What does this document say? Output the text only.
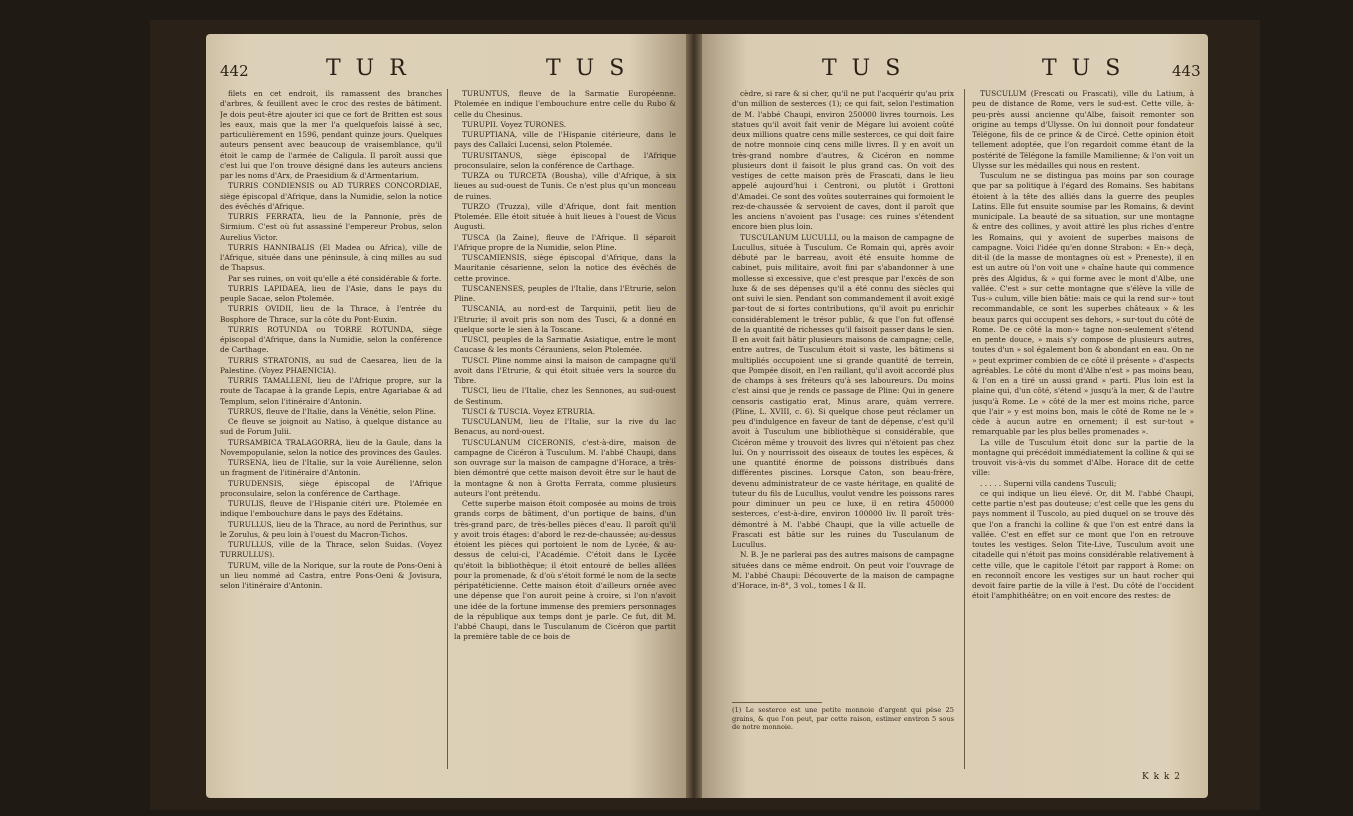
442	T U R	T U S

filets en cet endroit, ils ramassent des branches d'arbres, & feuillent avec le croc des restes de bâtiment. Je dois peut-être ajouter ici que ce fort de Britten est sous les eaux, mais que la mer l'a quelquefois laissé à sec, particulièrement en 1596, pendant quinze jours. Quelques auteurs pensent avec beaucoup de vraisemblance, qu'il étoit le camp de l'armée de Caligula. Il paroît aussi que c'est lui que l'on trouve désigné dans les auteurs anciens par les noms d'Arx, de Praesidium & d'Armentarium.

TURRIS CONDIENSIS ou AD TURRES CONCORDIAE, siège épiscopal d'Afrique, dans la Numidie, selon la notice des évêchés d'Afrique.

TURRIS FERRATA, lieu de la Pannonie, près de Sirmium. C'est où fut assassiné l'empereur Probus, selon Aurelius Victor.

TURRIS HANNIBALIS (El Madea ou Africa), ville de l'Afrique, située dans une péninsule, à cinq milles au sud de Thapsus.

Par ses ruines, on voit qu'elle a été considérable & forte.

TURRIS LAPIDAEA, lieu de l'Asie, dans le pays du peuple Sacae, selon Ptolemée.

TURRIS OVIDII, lieu de la Thrace, à l'entrée du Bosphore de Thrace, sur la côte du Pont-Euxin.

TURRIS ROTUNDA ou TORRE ROTUNDA, siège épiscopal d'Afrique, dans la Numidie, selon la conférence de Carthage.

TURRIS STRATONIS, au sud de Caesarea, lieu de la Palestine. (Voyez PHAENICIA).

TURRIS TAMALLENI, lieu de l'Afrique propre, sur la route de Tacapae à la grande Lepis, entre Agariabae & ad Templum, selon l'itinéraire d'Antonin.

TURRUS, fleuve de l'Italie, dans la Vénétie, selon Pline.

Ce fleuve se joignoit au Natiso, à quelque distance au sud de Forum Julii.

TURSAMBICA TRALAGORRA, lieu de la Gaule, dans la Novempopulanie, selon la notice des provinces des Gaules.

TURSENA, lieu de l'Italie, sur la voie Aurélienne, selon un fragment de l'itinéraire d'Antonin.

TURUDENSIS, siège épiscopal de l'Afrique proconsulaire, selon la conférence de Carthage.

TURULIS, fleuve de l'Hispanie citéri ure. Ptolemée en indique l'embouchure dans le pays des Edétains.

TURULLUS, lieu de la Thrace, au nord de Perinthus, sur le Zorulus, & peu loin à l'ouest du Macron-Tichos.

TURULLUS, ville de la Thrace, selon Suidas. (Voyez TURRULLUS).

TURUM, ville de la Norique, sur la route de Pons-Oeni à un lieu nommé ad Castra, entre Pons-Oeni & Jovisura, selon l'itinéraire d'Antonin.

TURUNTUS, fleuve de la Sarmatie Européenne. Ptolemée en indique l'embouchure entre celle du Rubo & celle du Chesinus.

TURUPII. Voyez TURONES.

TURUPTIANA, ville de l'Hispanie citérieure, dans le pays des Callaïci Lucensi, selon Ptolemée.

TURUSITANUS, siège épiscopal de l'Afrique proconsulaire, selon la conférence de Carthage.

TURZA ou TURCETA (Bousha), ville d'Afrique, à six lieues au sud-ouest de Tunis. Ce n'est plus qu'un monceau de ruines.

TURZO (Truzza), ville d'Afrique, dont fait mention Ptolemée. Elle étoit située à huit lieues à l'ouest de Vicus Augusti.

TUSCA (la Zaine), fleuve de l'Afrique. Il séparoit l'Afrique propre de la Numidie, selon Pline.

TUSCAMIENSIS, siège épiscopal d'Afrique, dans la Mauritanie césarienne, selon la notice des évêchés de cette province.

TUSCANENSES, peuples de l'Italie, dans l'Etrurie, selon Pline.

TUSCANIA, au nord-est de Tarquinii, petit lieu de l'Etrurie; il avoit pris son nom des Tusci, & a donné en quelque sorte le sien à la Toscane.

TUSCI, peuples de la Sarmatie Asiatique, entre le mont Caucase & les monts Cérauniens, selon Ptolemée.

TUSCI. Pline nomme ainsi la maison de campagne qu'il avoit dans l'Etrurie, & qui étoit située vers la source du Tibre.

TUSCI, lieu de l'Italie, chez les Sennones, au sud-ouest de Sestinum.

TUSCI & TUSCIA. Voyez ETRURIA.

TUSCULANUM, lieu de l'Italie, sur la rive du lac Benacus, au nord-ouest.

TUSCULANUM CICERONIS, c'est-à-dire, maison de campagne de Cicéron à Tusculum. M. l'abbé Chaupi, dans son ouvrage sur la maison de campagne d'Horace, a très-bien démontré que cette maison devoit être sur le haut de la montagne & non à Grotta Ferrata, comme plusieurs auteurs l'ont prétendu.

Cette superbe maison étoit composée au moins de trois grands corps de bâtiment, d'un portique de bains, d'un très-grand parc, de très-belles pièces d'eau. Il paroît qu'il y avoit trois étages: d'abord le rez-de-chaussée; au-dessus étoient les pièces qui portoient le nom de Lycée, & au-dessus de celui-ci, l'Académie. C'étoit dans le Lycée qu'étoit la bibliothèque; il étoit entouré de belles allées pour la promenade, & d'où s'étoit formé le nom de la secte péripatéticienne. Cette maison étoit d'ailleurs ornée avec une dépense que l'on auroit peine à croire, si l'on n'avoit une idée de la fortune immense des premiers personnages de la république aux temps dont je parle. Ce fut, dit M. l'abbé Chaupi, dans le Tusculanum de Cicéron que partit la première table de ce bois de

T U S	T U S	443

cèdre, si rare & si cher, qu'il ne put l'acquérir qu'au prix d'un million de sesterces (1); ce qui fait, selon l'estimation de M. l'abbé Chaupi, environ 250000 livres tournois. Les statues qu'il avoit fait venir de Mégare lui avoient coûté deux millions quatre cens mille sesterces, ce qui doit faire de notre monnoie cinq cens mille livres. Il y en avoit un très-grand nombre d'autres, & Cicéron en nomme plusieurs dont il faisoit le plus grand cas. On voit des vestiges de cette maison près de Frascati, dans le lieu appelé aujourd'hui i Centroni, ou plutôt i Grottoni d'Amadei. Ce sont des voûtes souterraines qui formoient le rez-de-chaussée & servoient de caves, dont il paroît que les anciens n'avoient pas l'usage: ces ruines s'étendent encore bien plus loin.

TUSCULANUM LUCULLI, ou la maison de campagne de Lucullus, située à Tusculum. Ce Romain qui, après avoir débuté par le barreau, avoit été ensuite homme de cabinet, puis militaire, avoit fini par s'abandonner à une mollesse si excessive, que c'est presque par l'excès de son luxe & de ses dépenses qu'il a été connu des siècles qui ont suivi le sien. Pendant son commandement il avoit exigé par-tout de si fortes contributions, qu'il avoit pu enrichir considérablement le trésor public, & que l'on fut offensé de la quantité de richesses qu'il faisoit passer dans le sien. Il en avoit fait bâtir plusieurs maisons de campagne; celle, entre autres, de Tusculum étoit si vaste, les bâtimens si multipliés occupoient une si grande quantité de terrein, que Pompée disoit, en l'en raillant, qu'il avoit accordé plus de champs à ses fréteurs qu'à ses laboureurs. Du moins c'est ainsi que je rends ce passage de Pline: Qui in genere censoris castigatio erat, Minus arare, quàm verrere. (Pline, L. XVIII, c. 6). Si quelque chose peut réclamer un peu d'indulgence en faveur de tant de dépense, c'est qu'il avoit à Tusculum une bibliothèque si considérable, que Cicéron même y trouvoit des livres qui n'étoient pas chez lui. On y nourrissoit des oiseaux de toutes les espèces, & une quantité énorme de poissons distribués dans différentes piscines. Lorsque Caton, son beau-frère, devenu administrateur de ce vaste héritage, en qualité de tuteur du fils de Lucullus, voulut vendre les poissons rares pour diminuer un peu ce luxe, il en retira 450000 sesterces, c'est-à-dire, environ 100000 liv. Il paroît très-démontré à M. l'abbé Chaupi, que la ville actuelle de Frascati est bâtie sur les ruines du Tusculanum de Lucullus.

N. B. Je ne parlerai pas des autres maisons de campagne situées dans ce même endroit. On peut voir l'ouvrage de M. l'abbé Chaupi: Découverte de la maison de campagne d'Horace, in-8°, 3 vol., tomes I & II.

(1) Le sesterce est une petite monnoie d'argent qui pèse 25 grains, & que l'on peut, par cette raison, estimer environ 5 sous de notre monnoie.

TUSCULUM (Frescati ou Frascati), ville du Latium, à peu de distance de Rome, vers le sud-est. Cette ville, à-peu-près aussi ancienne qu'Albe, faisoit remonter son origine au temps d'Ulysse. On lui donnoit pour fondateur Télégone, fils de ce prince & de Circé. Cette opinion étoit tellement adoptée, que l'on regardoit comme étant de la postérité de Télégone la famille Mamilienne; & l'on voit un Ulysse sur les médailles qui nous en restent.

Tusculum ne se distingua pas moins par son courage que par sa politique à l'égard des Romains. Ses habitans étoient à la tête des alliés dans la guerre des peuples Latins. Elle fut ensuite soumise par les Romains, & devint municipale. La beauté de sa situation, sur une montagne & entre des collines, y avoit attiré les plus riches d'entre les Romains, qui y avoient de superbes maisons de campagne. Voici l'idée qu'en donne Strabon: « En-» deçà, dit-il (de la masse de montagnes où est » Preneste), il en est un autre où l'on voit une » chaîne haute qui commence près des Algidus, & » qui forme avec le mont d'Albe, une vallée. C'est » sur cette montagne que s'élève la ville de Tus-» culum, ville bien bâtie: mais ce qui la rend sur-» tout recommandable, ce sont les superbes châteaux » & les beaux parcs qui occupent ses dehors, » sur-tout du côté de Rome. De ce côté la mon-» tagne non-seulement s'étend en pente douce, » mais s'y compose de plusieurs autres, toutes d'un » sol également bon & abondant en eau. On ne » peut exprimer combien de ce côté il présente » d'aspects agréables. Le côté du mont d'Albe n'est » pas moins beau, & l'on en a tiré un aussi grand » parti. Plus loin est la plaine qui, d'un côté, s'étend » jusqu'à la mer, & de l'autre jusqu'à Rome. Le » côté de la mer est moins riche, parce que l'air » y est moins bon, mais le côté de Rome ne le » cède à aucun autre en ornement; il est sur-tout » remarquable par les plus belles promenades ».

La ville de Tusculum étoit donc sur la partie de la montagne qui précédoit immédiatement la colline & qui se trouvoit vis-à-vis du sommet d'Albe. Horace dit de cette ville:

. . . . . Superni villa candens Tusculi;

ce qui indique un lieu élevé. Or, dit M. l'abbé Chaupi, cette partie n'est pas douteuse; c'est celle que les gens du pays nomment il Tuscolo, au pied duquel on se trouve dès que l'on a franchi la colline & que l'on est entré dans la vallée. C'est en effet sur ce mont que l'on en retrouve toutes les vestiges. Selon Tite-Live, Tusculum avoit une citadelle qui n'étoit pas moins considérable relativement à cette ville, que le capitole l'étoit par rapport à Rome: on en reconnoît encore les vestiges sur un haut rocher qui devoit faire partie de la ville à l'est. Du côté de l'occident étoit l'amphithéâtre; on en voit encore des restes: de

K k k 2
